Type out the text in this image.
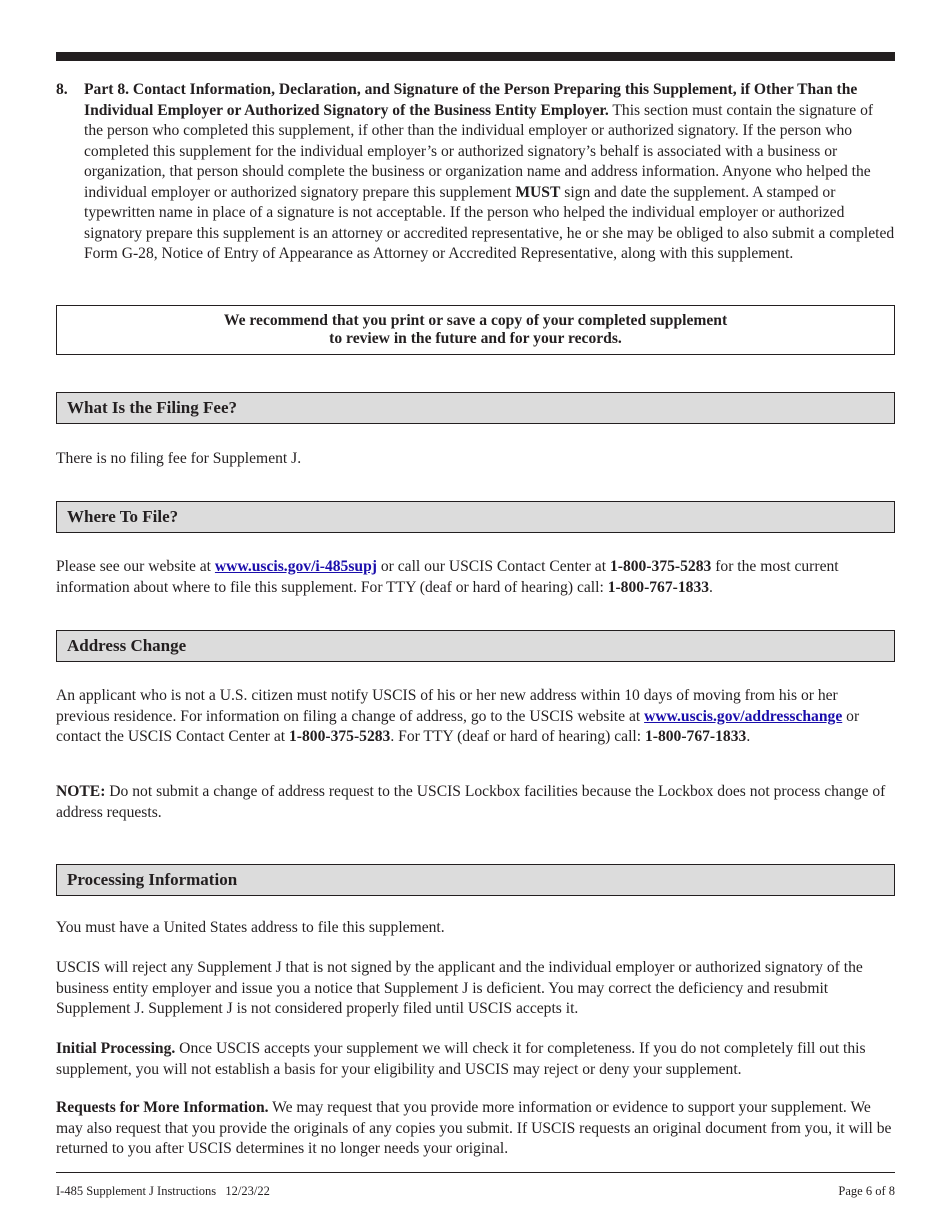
8. Part 8. Contact Information, Declaration, and Signature of the Person Preparing this Supplement, if Other Than the Individual Employer or Authorized Signatory of the Business Entity Employer. This section must contain the signature of the person who completed this supplement, if other than the individual employer or authorized signatory. If the person who completed this supplement for the individual employer’s or authorized signatory’s behalf is associated with a business or organization, that person should complete the business or organization name and address information. Anyone who helped the individual employer or authorized signatory prepare this supplement MUST sign and date the supplement. A stamped or typewritten name in place of a signature is not acceptable. If the person who helped the individual employer or authorized signatory prepare this supplement is an attorney or accredited representative, he or she may be obliged to also submit a completed Form G-28, Notice of Entry of Appearance as Attorney or Accredited Representative, along with this supplement.

We recommend that you print or save a copy of your completed supplement
to review in the future and for your records.
What Is the Filing Fee?

There is no filing fee for Supplement J.

Where To File?

Please see our website at www.uscis.gov/i-485supj or call our USCIS Contact Center at 1-800-375-5283 for the most current information about where to file this supplement. For TTY (deaf or hard of hearing) call: 1-800-767-1833.

Address Change

An applicant who is not a U.S. citizen must notify USCIS of his or her new address within 10 days of moving from his or her previous residence. For information on filing a change of address, go to the USCIS website at www.uscis.gov/addresschange or contact the USCIS Contact Center at 1-800-375-5283. For TTY (deaf or hard of hearing) call: 1-800-767-1833.

NOTE: Do not submit a change of address request to the USCIS Lockbox facilities because the Lockbox does not process change of address requests.

Processing Information

You must have a United States address to file this supplement.

USCIS will reject any Supplement J that is not signed by the applicant and the individual employer or authorized signatory of the business entity employer and issue you a notice that Supplement J is deficient. You may correct the deficiency and resubmit Supplement J. Supplement J is not considered properly filed until USCIS accepts it.

Initial Processing. Once USCIS accepts your supplement we will check it for completeness. If you do not completely fill out this supplement, you will not establish a basis for your eligibility and USCIS may reject or deny your supplement.

Requests for More Information. We may request that you provide more information or evidence to support your supplement. We may also request that you provide the originals of any copies you submit. If USCIS requests an original document from you, it will be returned to you after USCIS determines it no longer needs your original.

I-485 Supplement J Instructions   12/23/22	Page 6 of 8
